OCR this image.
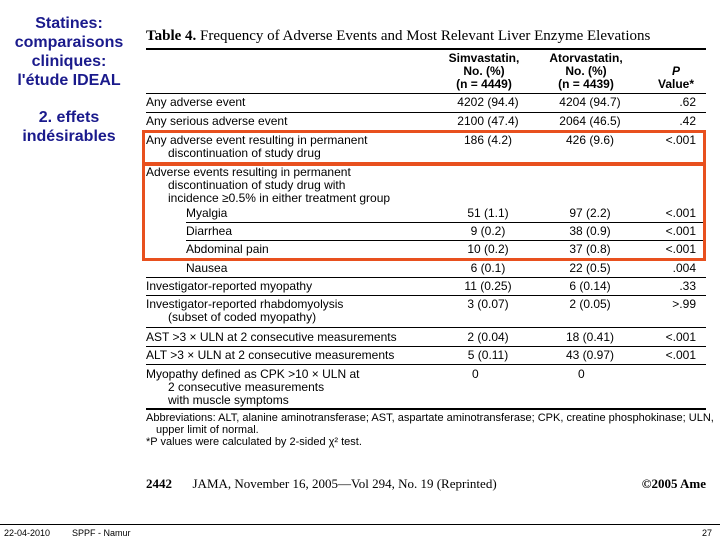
Statines:
comparaisons
cliniques:
l'étude IDEAL
2. effets
indésirables
Table 4. Frequency of Adverse Events and Most Relevant Liver Enzyme Elevations
Simvastatin,
No. (%)
(n = 4449)
Atorvastatin,
No. (%)
(n = 4439)
P
Value*
Any adverse event	4202 (94.4)	4204 (94.7)	.62
Any serious adverse event	2100 (47.4)	2064 (46.5)	.42
Any adverse event resulting in permanent
discontinuation of study drug
186 (4.2)	426 (9.6)	<.001
Adverse events resulting in permanent
discontinuation of study drug with
incidence ≥0.5% in either treatment group
Myalgia	51 (1.1)	97 (2.2)	<.001
Diarrhea	9 (0.2)	38 (0.9)	<.001
Abdominal pain	10 (0.2)	37 (0.8)	<.001
Nausea	6 (0.1)	22 (0.5)	.004
Investigator-reported myopathy	11 (0.25)	6 (0.14)	.33
Investigator-reported rhabdomyolysis
(subset of coded myopathy)
3 (0.07)	2 (0.05)	>.99
AST >3 × ULN at 2 consecutive measurements	2 (0.04)	18 (0.41)	<.001
ALT >3 × ULN at 2 consecutive measurements	5 (0.11)	43 (0.97)	<.001
Myopathy defined as CPK >10 × ULN at
2 consecutive measurements
with muscle symptoms
0	0
Abbreviations: ALT, alanine aminotransferase; AST, aspartate aminotransferase; CPK, creatine phosphokinase; ULN,
upper limit of normal.
*P values were calculated by 2-sided χ² test.
2442 JAMA, November 16, 2005—Vol 294, No. 19 (Reprinted)	©2005 Ame
22-04-2010 SPPF - Namur	27
